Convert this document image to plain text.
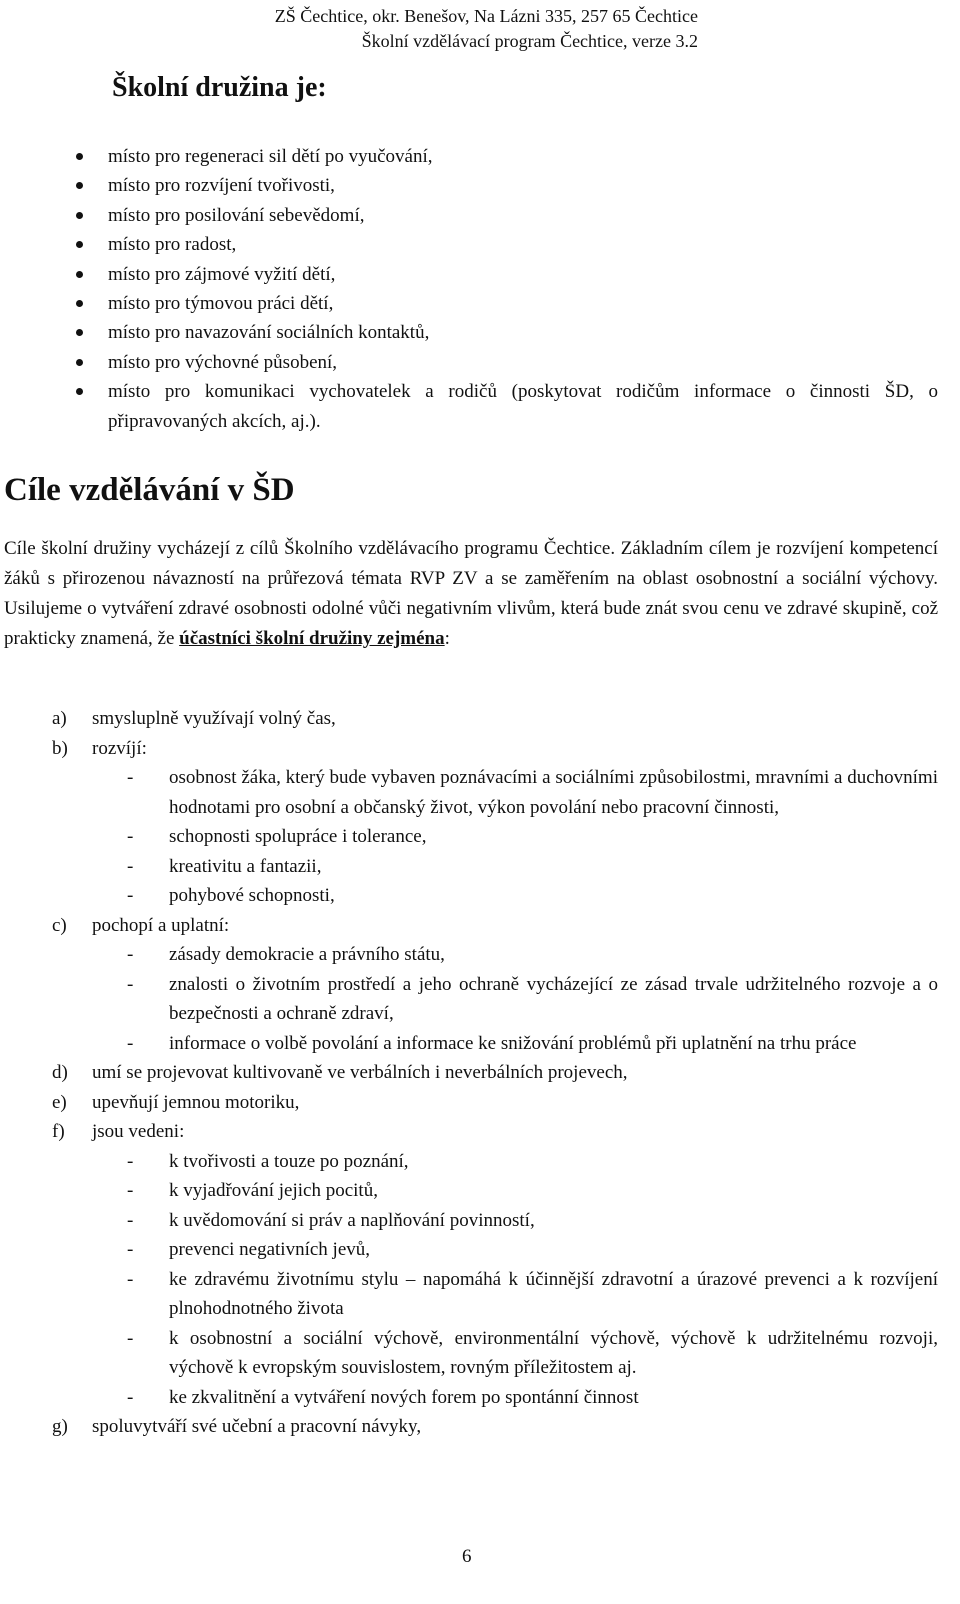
ZŠ Čechtice, okr. Benešov, Na Lázni 335, 257 65 Čechtice
Školní vzdělávací program Čechtice, verze 3.2
Školní družina je:
místo pro regeneraci sil dětí po vyučování,
místo pro rozvíjení tvořivosti,
místo pro posilování sebevědomí,
místo pro radost,
místo pro zájmové vyžití dětí,
místo pro týmovou práci dětí,
místo pro navazování sociálních kontaktů,
místo pro výchovné působení,
místo pro komunikaci vychovatelek a rodičů (poskytovat rodičům informace o činnosti ŠD, o připravovaných akcích, aj.).
Cíle vzdělávání v ŠD

Cíle školní družiny vycházejí z cílů Školního vzdělávacího programu Čechtice. Základním cílem je rozvíjení kompetencí žáků s přirozenou návazností na průřezová témata RVP ZV a se zaměřením na oblast osobnostní a sociální výchovy. Usilujeme o vytváření zdravé osobnosti odolné vůči negativním vlivům, která bude znát svou cenu ve zdravé skupině, což prakticky znamená, že účastníci školní družiny zejména:

a) smysluplně využívají volný čas,
b) rozvíjí:
- osobnost žáka, který bude vybaven poznávacími a sociálními způsobilostmi, mravními a duchovními hodnotami pro osobní a občanský život, výkon povolání nebo pracovní činnosti,
- schopnosti spolupráce i tolerance,
- kreativitu a fantazii,
- pohybové schopnosti,
c) pochopí a uplatní:
- zásady demokracie a právního státu,
- znalosti o životním prostředí a jeho ochraně vycházející ze zásad trvale udržitelného rozvoje a o bezpečnosti a ochraně zdraví,
- informace o volbě povolání a informace ke snižování problémů při uplatnění na trhu práce
d) umí se projevovat kultivovaně ve verbálních i neverbálních projevech,
e) upevňují jemnou motoriku,
f) jsou vedeni:
- k tvořivosti a touze po poznání,
- k vyjadřování jejich pocitů,
- k uvědomování si práv a naplňování povinností,
- prevenci negativních jevů,
- ke zdravému životnímu stylu – napomáhá k účinnější zdravotní a úrazové prevenci a k rozvíjení plnohodnotného života
- k osobnostní a sociální výchově, environmentální výchově, výchově k udržitelnému rozvoji, výchově k evropským souvislostem, rovným příležitostem aj.
- ke zkvalitnění a vytváření nových forem po spontánní činnost
g) spoluvytváří své učební a pracovní návyky,
6
